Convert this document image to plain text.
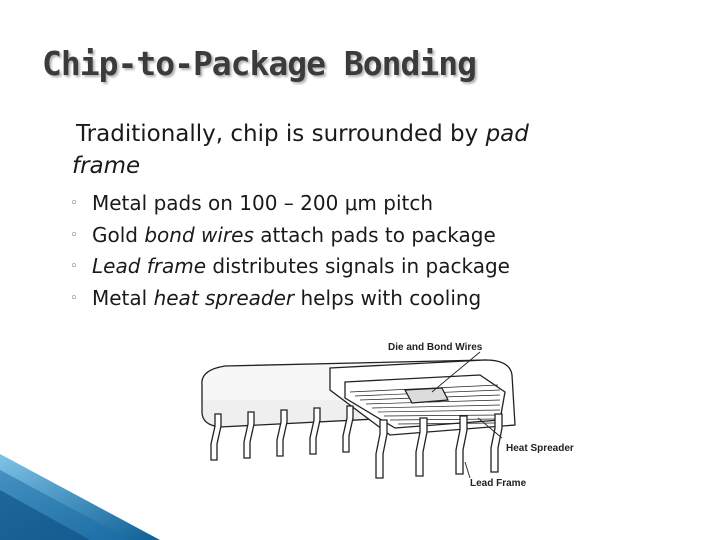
Chip-to-Package Bonding
Traditionally, chip is surrounded by pad
frame
◦ Metal pads on 100 – 200 μm pitch
◦ Gold bond wires attach pads to package
◦ Lead frame distributes signals in package
◦ Metal heat spreader helps with cooling
Die and Bond Wires
Heat Spreader
Lead Frame
